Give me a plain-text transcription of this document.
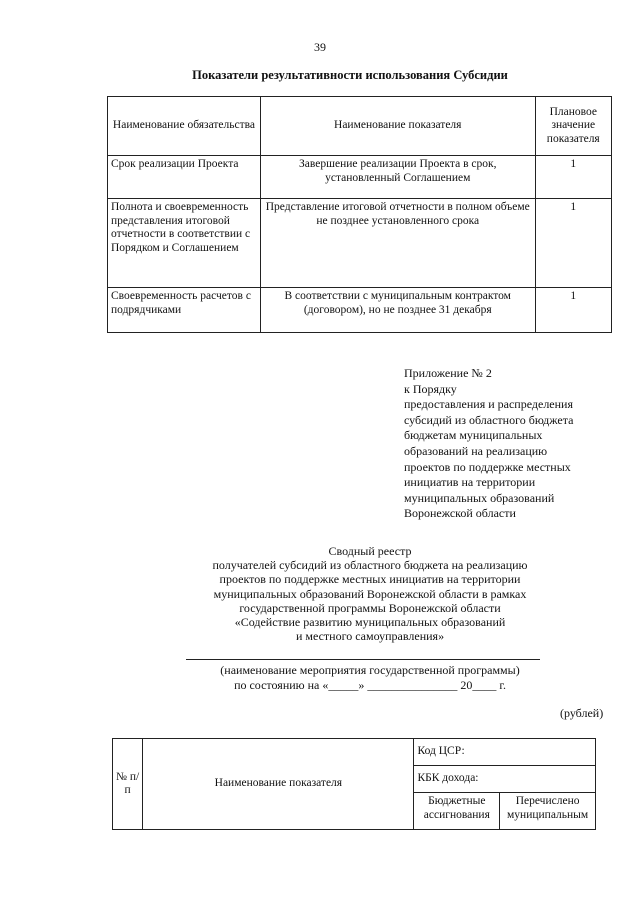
39
Показатели результативности использования Субсидии
Наименование обязательства	Наименование показателя	Плановое значение показателя
Срок реализации Проекта	Завершение реализации Проекта в срок, установленный Соглашением	1
Полнота и своевременность представления итоговой отчетности в соответствии с Порядком и Соглашением	Представление итоговой отчетности в полном объеме не позднее установленного срока	1
Своевременность расчетов с подрядчиками	В соответствии с муниципальным контрактом (договором), но не позднее 31 декабря	1
Приложение № 2
к Порядку
предоставления и распределения
субсидий из областного бюджета
бюджетам муниципальных
образований на реализацию
проектов по поддержке местных
инициатив на территории
муниципальных образований
Воронежской области
Сводный реестр
получателей субсидий из областного бюджета на реализацию
проектов по поддержке местных инициатив на территории
муниципальных образований Воронежской области в рамках
государственной программы Воронежской области
«Содействие развитию муниципальных образований
и местного самоуправления»
(наименование мероприятия государственной программы)
по состоянию на «_____» _______________ 20____ г.
(рублей)
№ п/п	Наименование показателя	Код ЦСР:	
		КБК дохода:	
		Бюджетные ассигнования	Перечислено муниципальным
